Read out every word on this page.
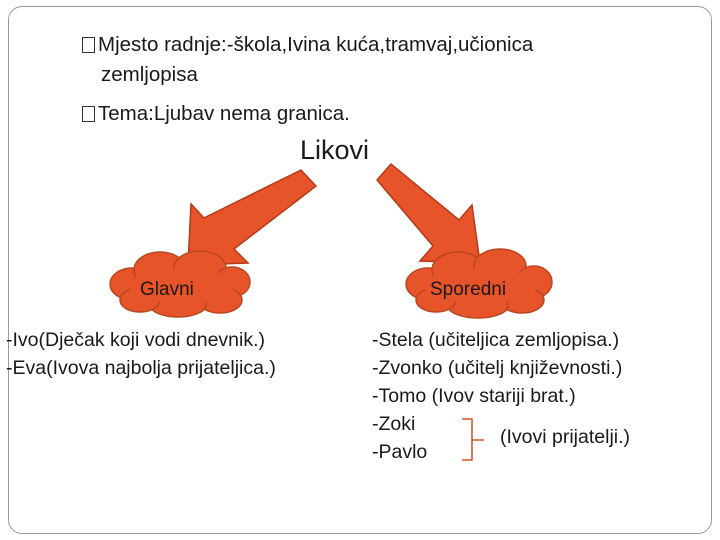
Mjesto radnje:-škola,Ivina kuća,tramvaj,učionica
zemljopisa
Tema:Ljubav nema granica.
Likovi
Glavni	Sporedni
-Ivo(Dječak koji vodi dnevnik.)
-Eva(Ivova najbolja prijateljica.)
-Stela (učiteljica zemljopisa.)
-Zvonko (učitelj književnosti.)
-Tomo (Ivov stariji brat.)
-Zoki
-Pavlo
(Ivovi prijatelji.)
